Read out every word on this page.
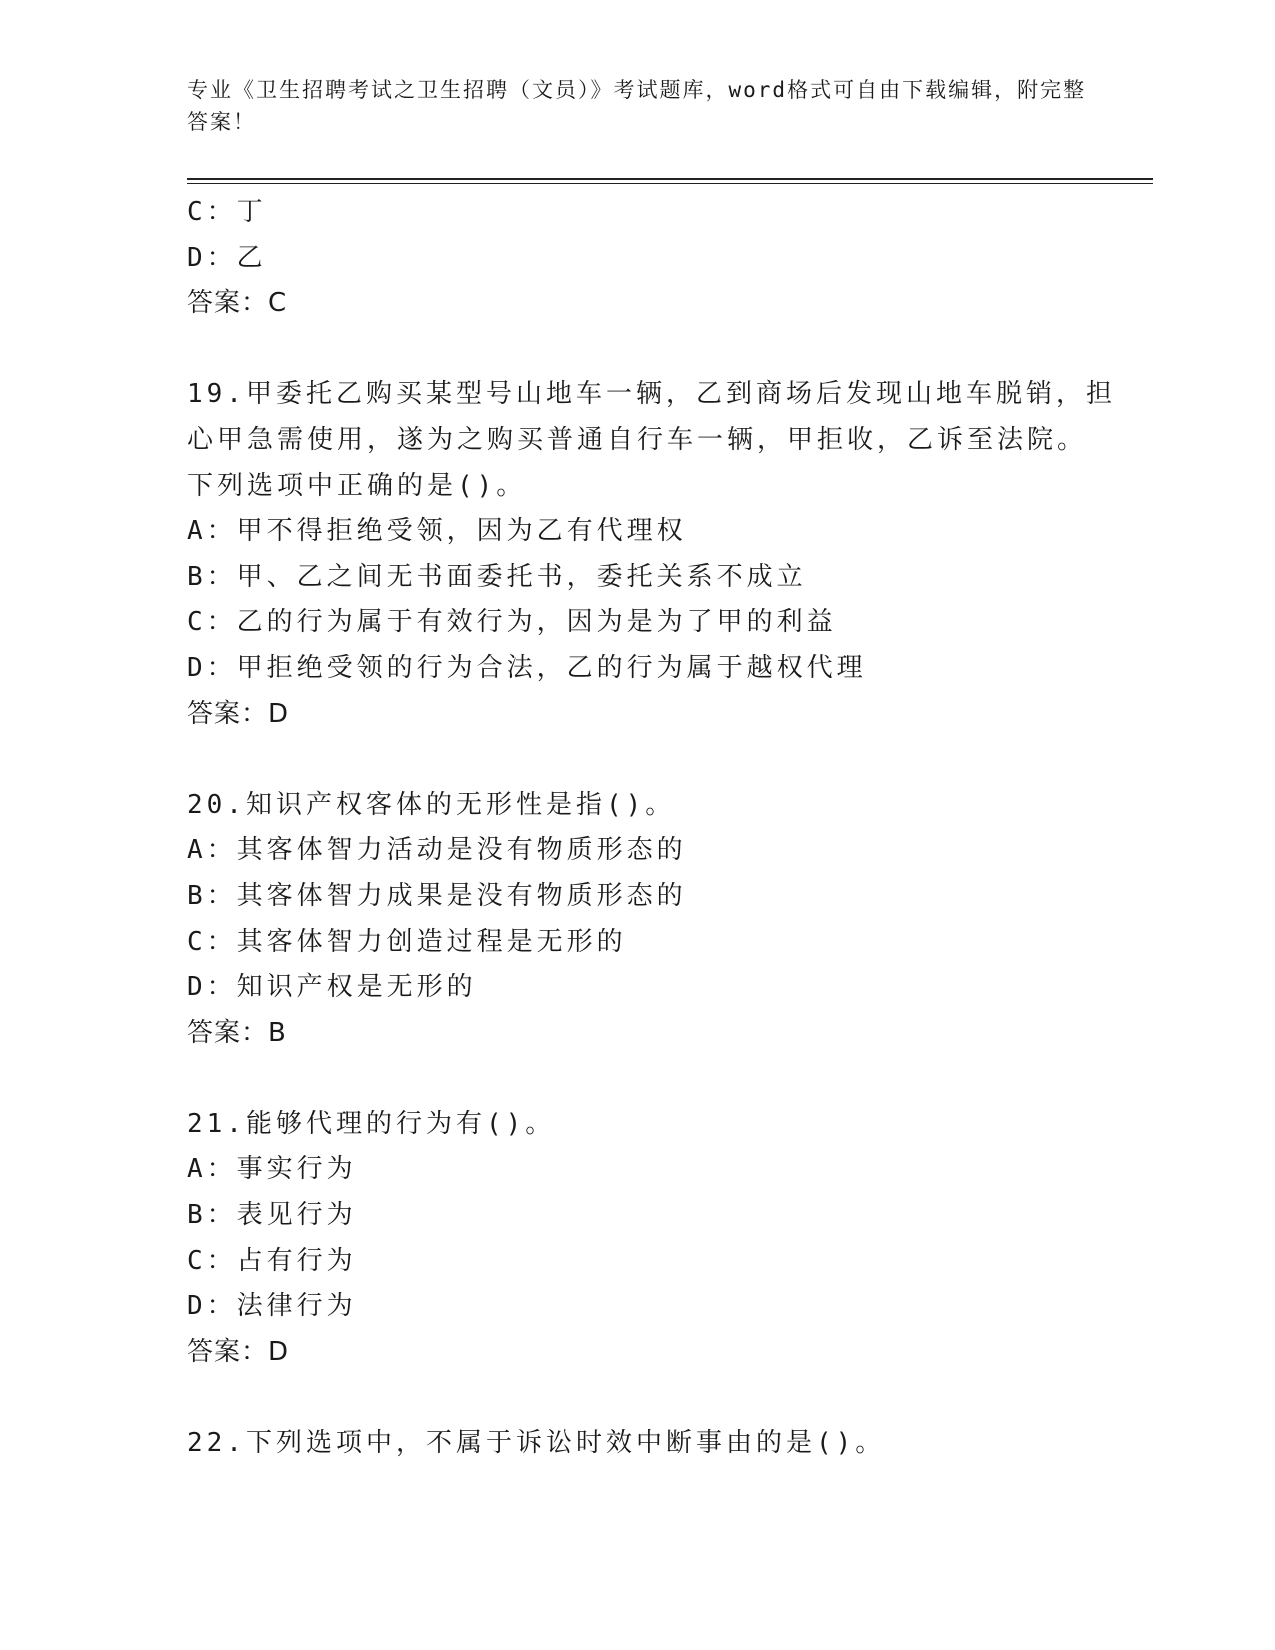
专业《卫生招聘考试之卫生招聘（文员）》考试题库，word格式可自由下载编辑，附完整答案！
C：丁
D：乙
答案：C
19.甲委托乙购买某型号山地车一辆，乙到商场后发现山地车脱销，担
心甲急需使用，遂为之购买普通自行车一辆，甲拒收，乙诉至法院。
下列选项中正确的是()。
A：甲不得拒绝受领，因为乙有代理权
B：甲、乙之间无书面委托书，委托关系不成立
C：乙的行为属于有效行为，因为是为了甲的利益
D：甲拒绝受领的行为合法，乙的行为属于越权代理
答案：D
20.知识产权客体的无形性是指()。
A：其客体智力活动是没有物质形态的
B：其客体智力成果是没有物质形态的
C：其客体智力创造过程是无形的
D：知识产权是无形的
答案：B
21.能够代理的行为有()。
A：事实行为
B：表见行为
C：占有行为
D：法律行为
答案：D
22.下列选项中，不属于诉讼时效中断事由的是()。
